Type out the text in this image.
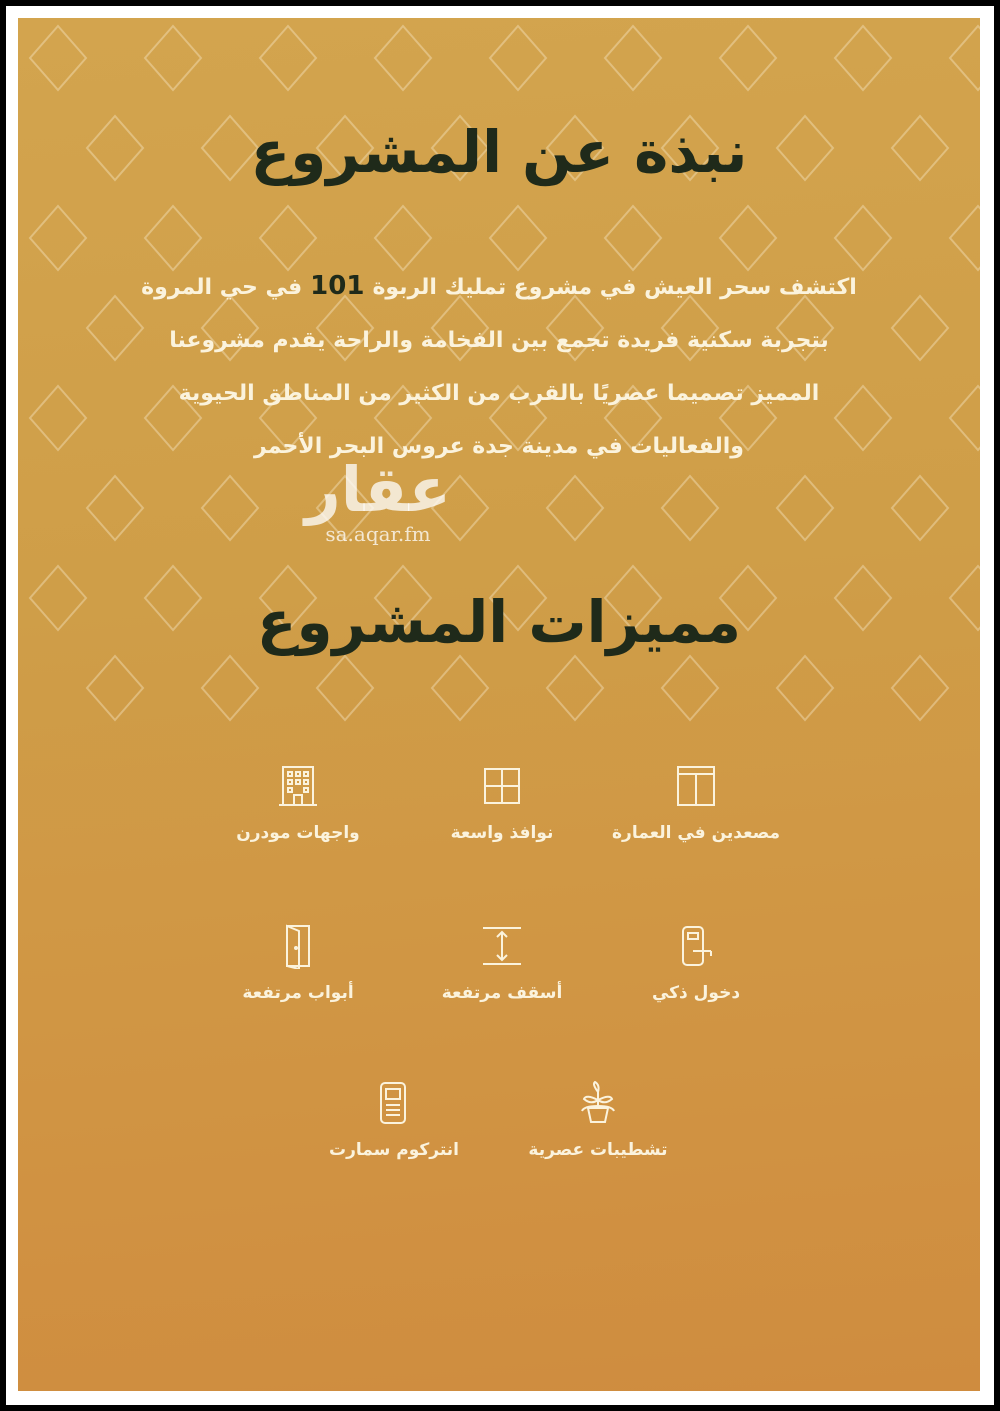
نبذة عن المشروع

اكتشف سحر العيش في مشروع تمليك الربوة101في حي المروة
بتجربة سكنية فريدة تجمع بين الفخامة والراحة يقدم مشروعنا
المميز تصميما عصريًا بالقرب من الكثير من المناطق الحيوية
والفعاليات في مدينة جدة عروس البحر الأحمر

عقار
sa.aqar.fm
مميزات المشروع
مصعدين في العمارة
نوافذ واسعة
واجهات مودرن
دخول ذكي
أسقف مرتفعة
أبواب مرتفعة
تشطيبات عصرية
انتركوم سمارت
